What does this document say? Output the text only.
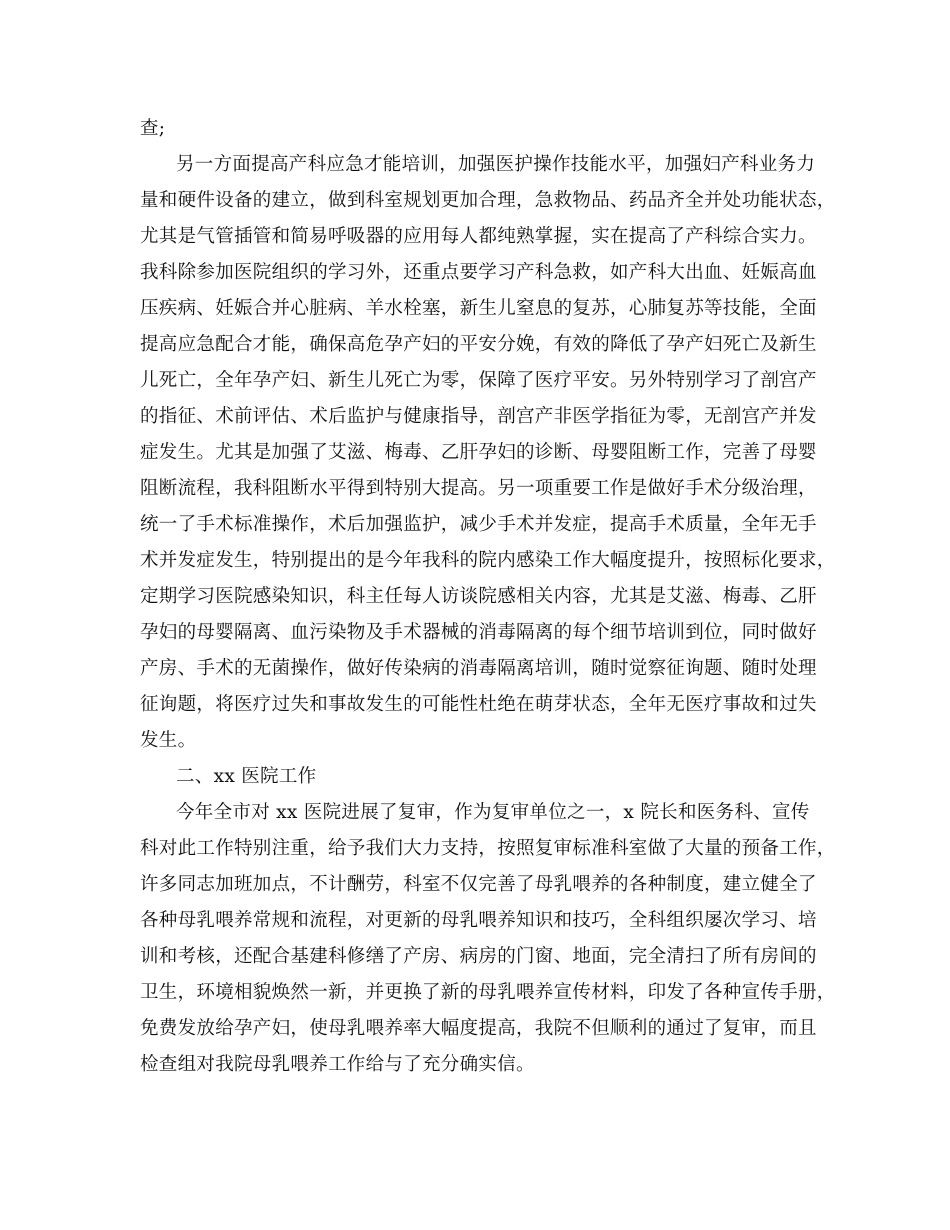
查;
另一方面提高产科应急才能培训，加强医护操作技能水平，加强妇产科业务力
量和硬件设备的建立，做到科室规划更加合理，急救物品、药品齐全并处功能状态，
尤其是气管插管和简易呼吸器的应用每人都纯熟掌握，实在提高了产科综合实力。
我科除参加医院组织的学习外，还重点要学习产科急救，如产科大出血、妊娠高血
压疾病、妊娠合并心脏病、羊水栓塞，新生儿窒息的复苏，心肺复苏等技能，全面
提高应急配合才能，确保高危孕产妇的平安分娩，有效的降低了孕产妇死亡及新生
儿死亡，全年孕产妇、新生儿死亡为零，保障了医疗平安。另外特别学习了剖宫产
的指征、术前评估、术后监护与健康指导，剖宫产非医学指征为零，无剖宫产并发
症发生。尤其是加强了艾滋、梅毒、乙肝孕妇的诊断、母婴阻断工作，完善了母婴
阻断流程，我科阻断水平得到特别大提高。另一项重要工作是做好手术分级治理，
统一了手术标准操作，术后加强监护，减少手术并发症，提高手术质量，全年无手
术并发症发生，特别提出的是今年我科的院内感染工作大幅度提升，按照标化要求，
定期学习医院感染知识，科主任每人访谈院感相关内容，尤其是艾滋、梅毒、乙肝
孕妇的母婴隔离、血污染物及手术器械的消毒隔离的每个细节培训到位，同时做好
产房、手术的无菌操作，做好传染病的消毒隔离培训，随时觉察征询题、随时处理
征询题，将医疗过失和事故发生的可能性杜绝在萌芽状态，全年无医疗事故和过失
发生。
二、xx 医院工作
今年全市对 xx 医院进展了复审，作为复审单位之一，x 院长和医务科、宣传
科对此工作特别注重，给予我们大力支持，按照复审标准科室做了大量的预备工作，
许多同志加班加点，不计酬劳，科室不仅完善了母乳喂养的各种制度，建立健全了
各种母乳喂养常规和流程，对更新的母乳喂养知识和技巧，全科组织屡次学习、培
训和考核，还配合基建科修缮了产房、病房的门窗、地面，完全清扫了所有房间的
卫生，环境相貌焕然一新，并更换了新的母乳喂养宣传材料，印发了各种宣传手册，
免费发放给孕产妇，使母乳喂养率大幅度提高，我院不但顺利的通过了复审，而且
检查组对我院母乳喂养工作给与了充分确实信。
